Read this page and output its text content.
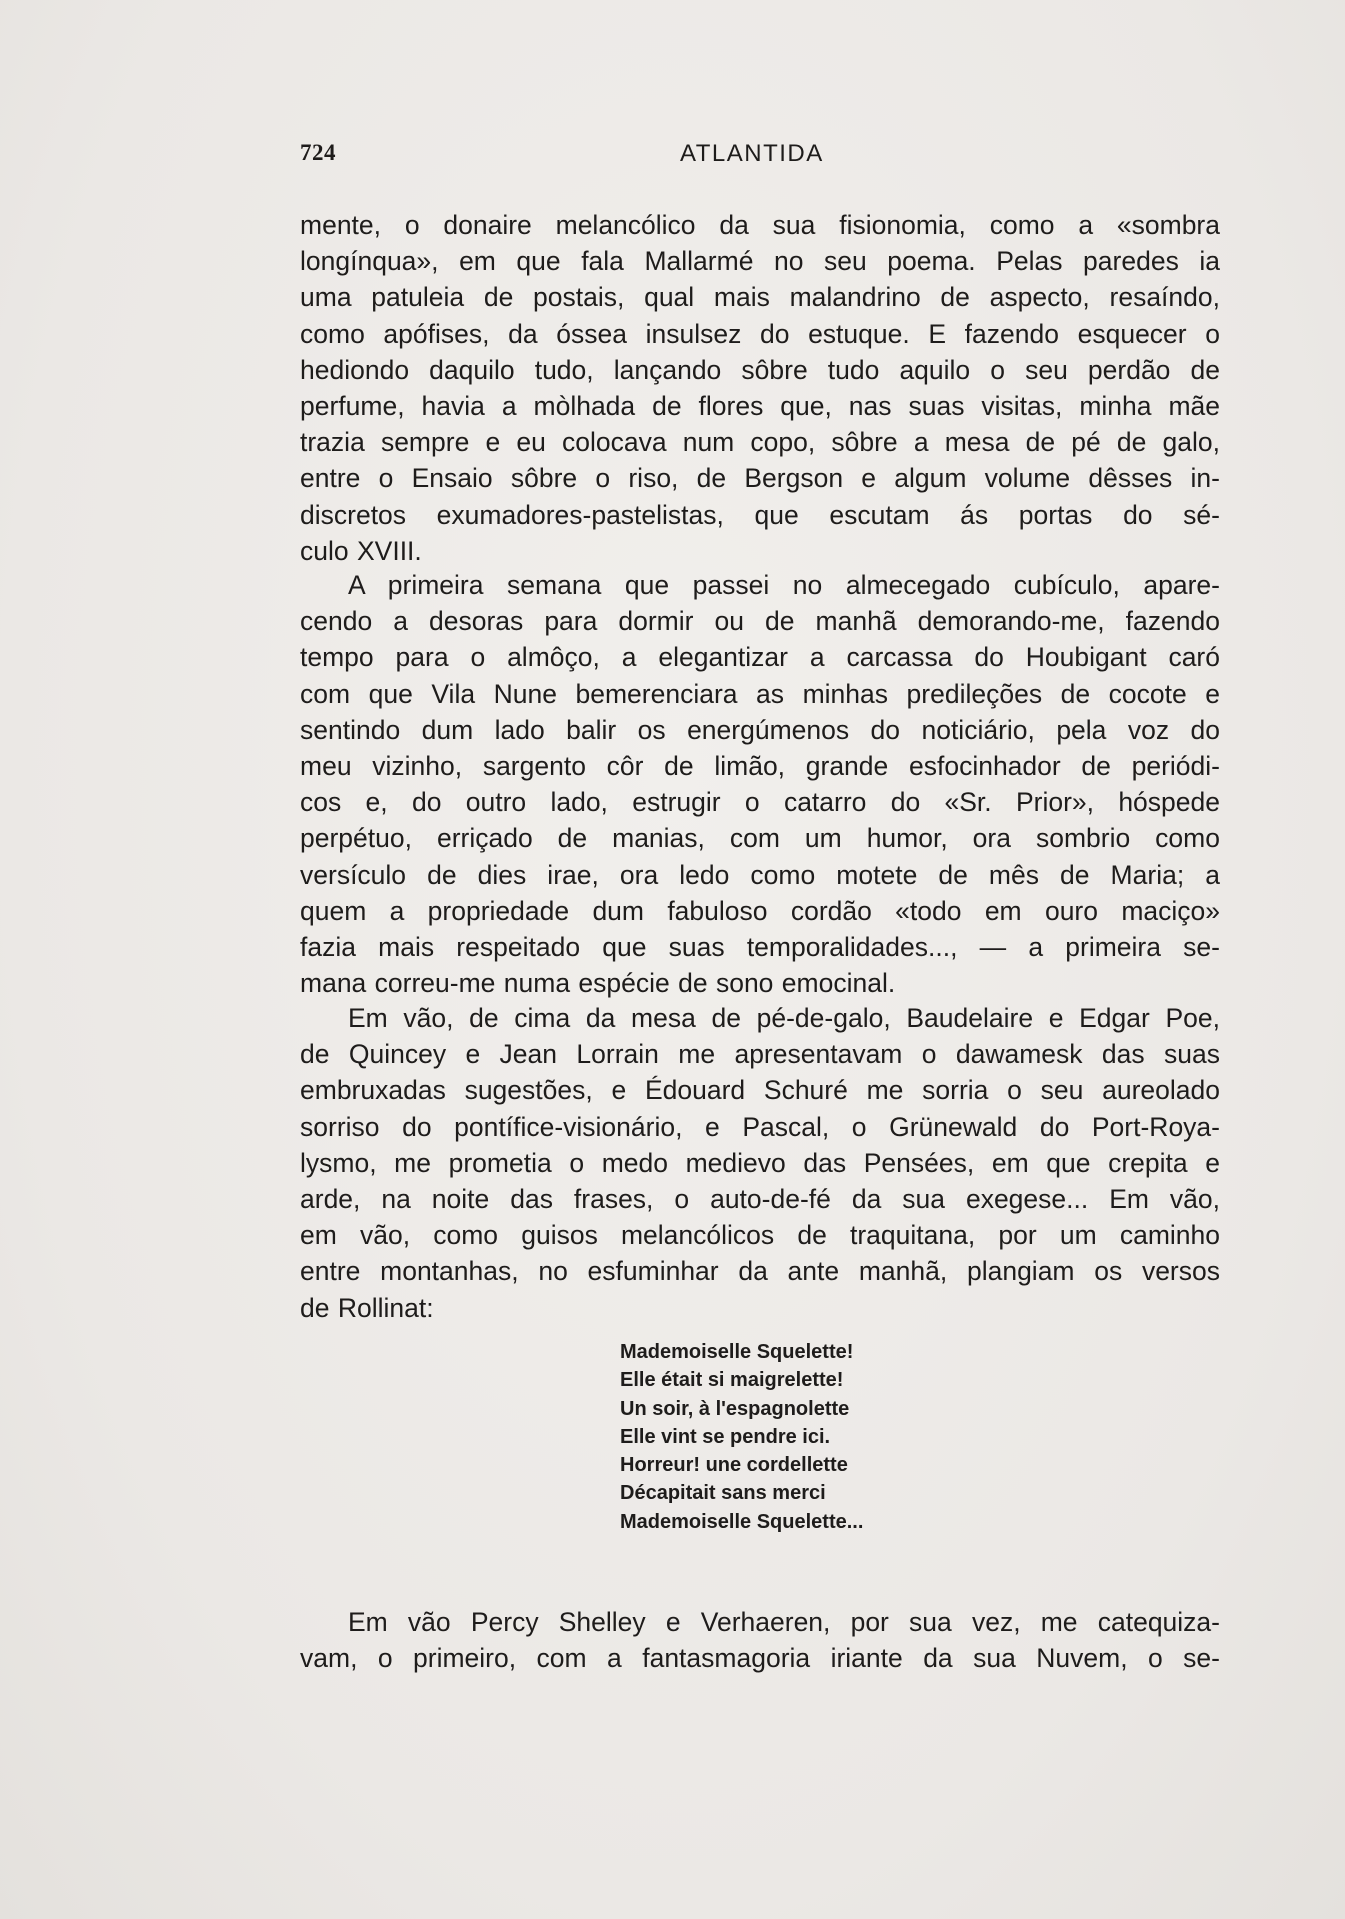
724	ATLANTIDA
mente, o donaire melancólico da sua fisionomia, como a «sombra
longínqua», em que fala Mallarmé no seu poema. Pelas paredes ia
uma patuleia de postais, qual mais malandrino de aspecto, resaíndo,
como apófises, da óssea insulsez do estuque. E fazendo esquecer o
hediondo daquilo tudo, lançando sôbre tudo aquilo o seu perdão de
perfume, havia a mòlhada de flores que, nas suas visitas, minha mãe
trazia sempre e eu colocava num copo, sôbre a mesa de pé de galo,
entre o Ensaio sôbre o riso, de Bergson e algum volume dêsses in-
discretos exumadores-pastelistas, que escutam ás portas do sé-
culo XVIII.
A primeira semana que passei no almecegado cubículo, apare-
cendo a desoras para dormir ou de manhã demorando-me, fazendo
tempo para o almôço, a elegantizar a carcassa do Houbigant caró
com que Vila Nune bemerenciara as minhas predileções de cocote e
sentindo dum lado balir os energúmenos do noticiário, pela voz do
meu vizinho, sargento côr de limão, grande esfocinhador de periódi-
cos e, do outro lado, estrugir o catarro do «Sr. Prior», hóspede
perpétuo, erriçado de manias, com um humor, ora sombrio como
versículo de dies irae, ora ledo como motete de mês de Maria; a
quem a propriedade dum fabuloso cordão «todo em ouro maciço»
fazia mais respeitado que suas temporalidades..., — a primeira se-
mana correu-me numa espécie de sono emocinal.
Em vão, de cima da mesa de pé-de-galo, Baudelaire e Edgar Poe,
de Quincey e Jean Lorrain me apresentavam o dawamesk das suas
embruxadas sugestões, e Édouard Schuré me sorria o seu aureolado
sorriso do pontífice-visionário, e Pascal, o Grünewald do Port-Roya-
lysmo, me prometia o medo medievo das Pensées, em que crepita e
arde, na noite das frases, o auto-de-fé da sua exegese... Em vão,
em vão, como guisos melancólicos de traquitana, por um caminho
entre montanhas, no esfuminhar da ante manhã, plangiam os versos
de Rollinat:
Mademoiselle Squelette!
Elle était si maigrelette!
Un soir, à l'espagnolette
Elle vint se pendre ici.
Horreur! une cordellette
Décapitait sans merci
Mademoiselle Squelette...
Em vão Percy Shelley e Verhaeren, por sua vez, me catequiza-
vam, o primeiro, com a fantasmagoria iriante da sua Nuvem, o se-
